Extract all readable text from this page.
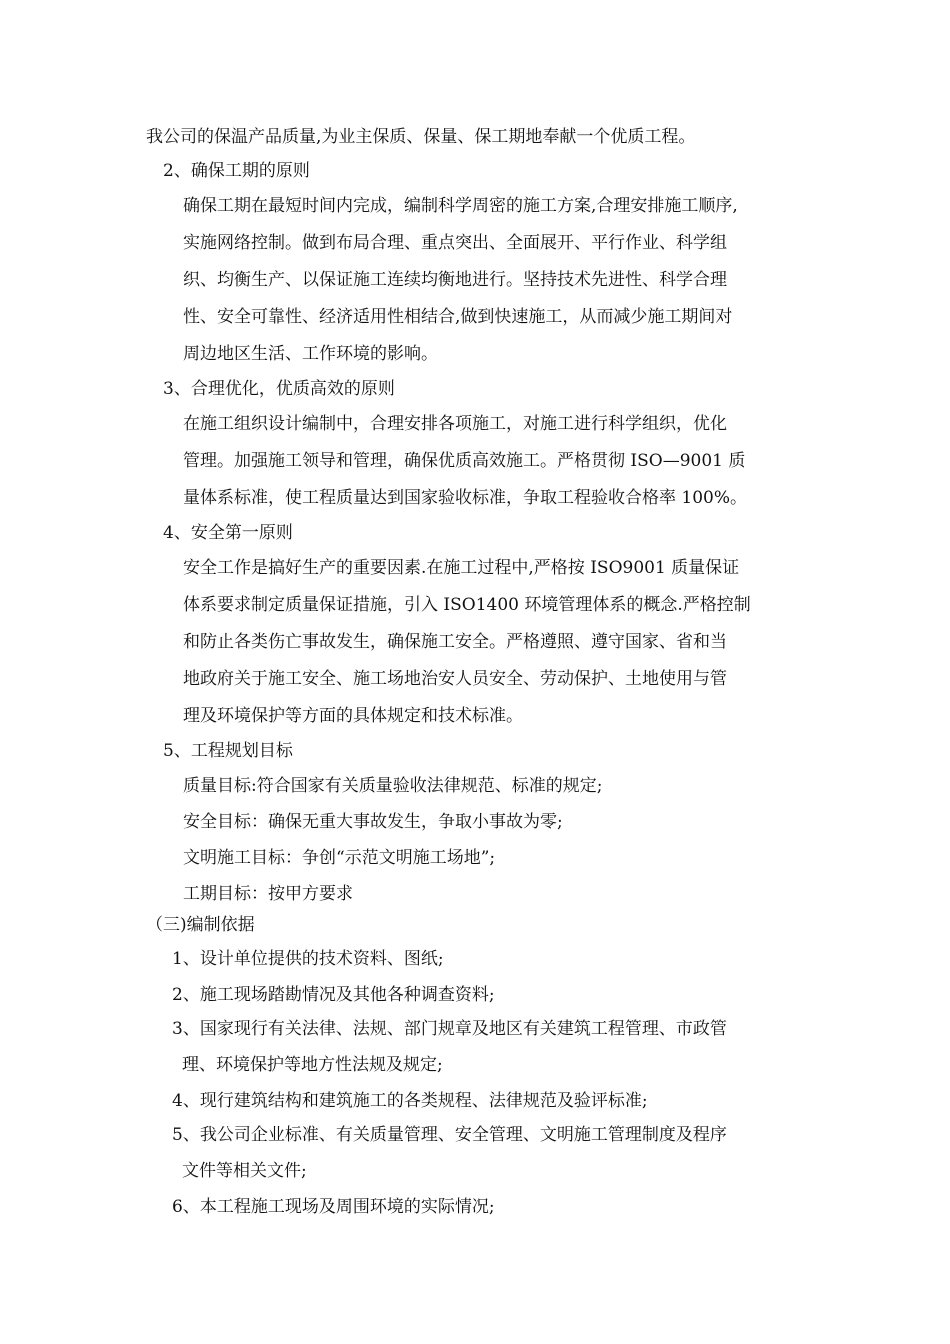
我公司的保温产品质量,为业主保质、保量、保工期地奉献一个优质工程。
2、确保工期的原则
确保工期在最短时间内完成，编制科学周密的施工方案,合理安排施工顺序,
实施网络控制。做到布局合理、重点突出、全面展开、平行作业、科学组
织、均衡生产、以保证施工连续均衡地进行。坚持技术先进性、科学合理
性、安全可靠性、经济适用性相结合,做到快速施工，从而减少施工期间对
周边地区生活、工作环境的影响。
3、合理优化，优质高效的原则
在施工组织设计编制中，合理安排各项施工，对施工进行科学组织，优化
管理。加强施工领导和管理，确保优质高效施工。严格贯彻 ISO—9001 质
量体系标准，使工程质量达到国家验收标准，争取工程验收合格率 100%。
4、安全第一原则
安全工作是搞好生产的重要因素.在施工过程中,严格按 ISO9001 质量保证
体系要求制定质量保证措施，引入 ISO1400 环境管理体系的概念.严格控制
和防止各类伤亡事故发生，确保施工安全。严格遵照、遵守国家、省和当
地政府关于施工安全、施工场地治安人员安全、劳动保护、土地使用与管
理及环境保护等方面的具体规定和技术标准。
5、工程规划目标
质量目标:符合国家有关质量验收法律规范、标准的规定;
安全目标：确保无重大事故发生，争取小事故为零;
文明施工目标：争创“示范文明施工场地”;
工期目标：按甲方要求
（三)编制依据
1、设计单位提供的技术资料、图纸;
2、施工现场踏勘情况及其他各种调查资料;
3、国家现行有关法律、法规、部门规章及地区有关建筑工程管理、市政管
理、环境保护等地方性法规及规定;
4、现行建筑结构和建筑施工的各类规程、法律规范及验评标准;
5、我公司企业标准、有关质量管理、安全管理、文明施工管理制度及程序
文件等相关文件;
6、本工程施工现场及周围环境的实际情况;
